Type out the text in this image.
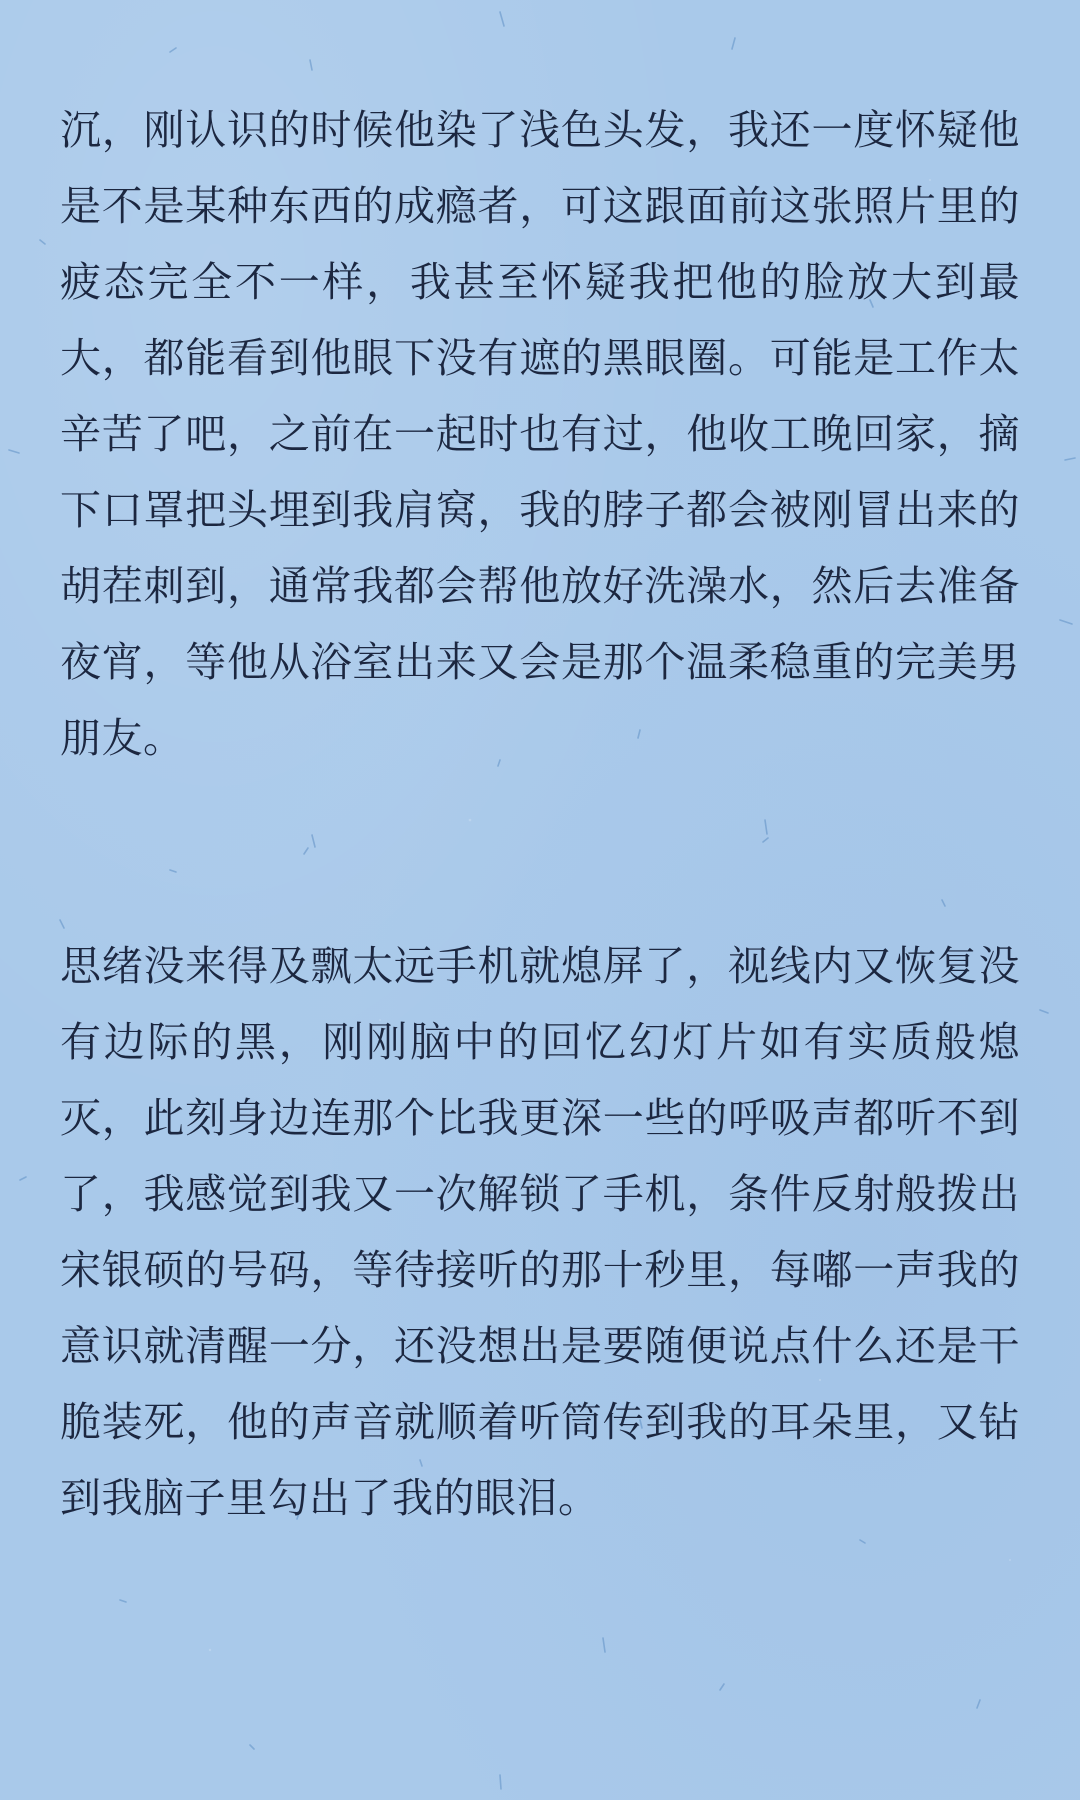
沉，刚认识的时候他染了浅色头发，我还一度怀疑他是不是某种东西的成瘾者，可这跟面前这张照片里的疲态完全不一样，我甚至怀疑我把他的脸放大到最大，都能看到他眼下没有遮的黑眼圈。可能是工作太辛苦了吧，之前在一起时也有过，他收工晚回家，摘下口罩把头埋到我肩窝，我的脖子都会被刚冒出来的胡茬刺到，通常我都会帮他放好洗澡水，然后去准备夜宵，等他从浴室出来又会是那个温柔稳重的完美男朋友。

思绪没来得及飘太远手机就熄屏了，视线内又恢复没有边际的黑，刚刚脑中的回忆幻灯片如有实质般熄灭，此刻身边连那个比我更深一些的呼吸声都听不到了，我感觉到我又一次解锁了手机，条件反射般拨出宋银硕的号码，等待接听的那十秒里，每嘟一声我的意识就清醒一分，还没想出是要随便说点什么还是干脆装死，他的声音就顺着听筒传到我的耳朵里，又钻到我脑子里勾出了我的眼泪。
